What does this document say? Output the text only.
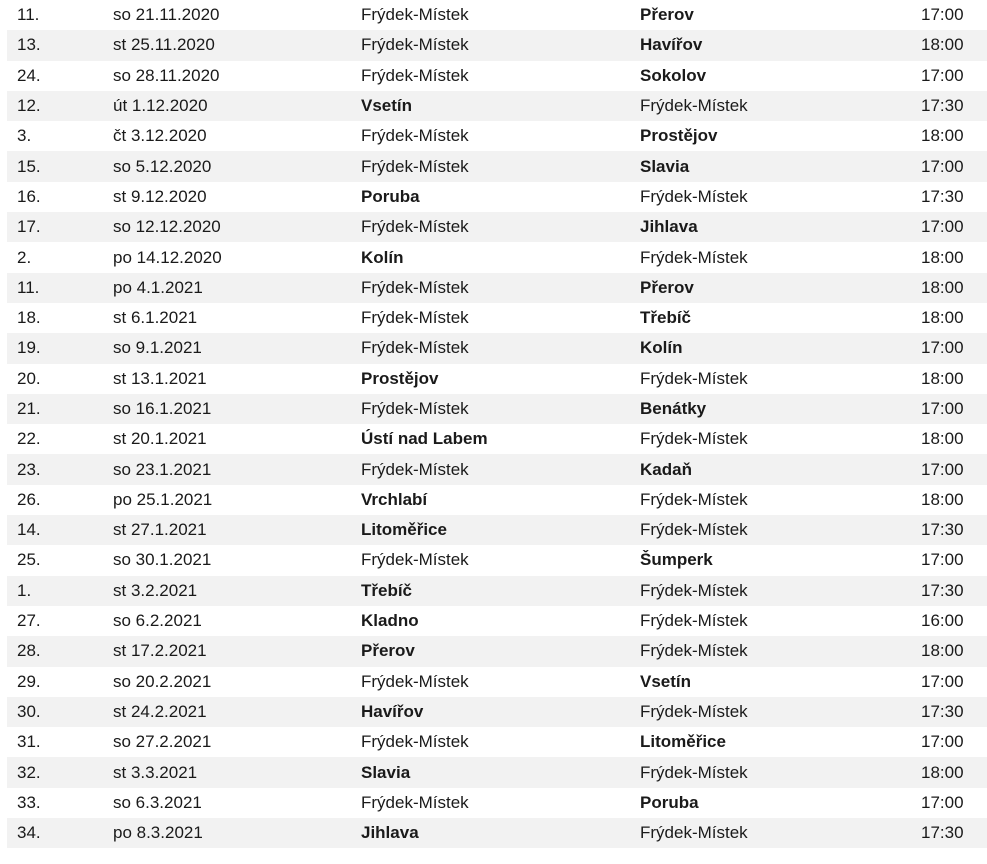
11.	so 21.11.2020	Frýdek-Místek	Přerov	17:00
13.	st 25.11.2020	Frýdek-Místek	Havířov	18:00
24.	so 28.11.2020	Frýdek-Místek	Sokolov	17:00
12.	út 1.12.2020	Vsetín	Frýdek-Místek	17:30
3.	čt 3.12.2020	Frýdek-Místek	Prostějov	18:00
15.	so 5.12.2020	Frýdek-Místek	Slavia	17:00
16.	st 9.12.2020	Poruba	Frýdek-Místek	17:30
17.	so 12.12.2020	Frýdek-Místek	Jihlava	17:00
2.	po 14.12.2020	Kolín	Frýdek-Místek	18:00
11.	po 4.1.2021	Frýdek-Místek	Přerov	18:00
18.	st 6.1.2021	Frýdek-Místek	Třebíč	18:00
19.	so 9.1.2021	Frýdek-Místek	Kolín	17:00
20.	st 13.1.2021	Prostějov	Frýdek-Místek	18:00
21.	so 16.1.2021	Frýdek-Místek	Benátky	17:00
22.	st 20.1.2021	Ústí nad Labem	Frýdek-Místek	18:00
23.	so 23.1.2021	Frýdek-Místek	Kadaň	17:00
26.	po 25.1.2021	Vrchlabí	Frýdek-Místek	18:00
14.	st 27.1.2021	Litoměřice	Frýdek-Místek	17:30
25.	so 30.1.2021	Frýdek-Místek	Šumperk	17:00
1.	st 3.2.2021	Třebíč	Frýdek-Místek	17:30
27.	so 6.2.2021	Kladno	Frýdek-Místek	16:00
28.	st 17.2.2021	Přerov	Frýdek-Místek	18:00
29.	so 20.2.2021	Frýdek-Místek	Vsetín	17:00
30.	st 24.2.2021	Havířov	Frýdek-Místek	17:30
31.	so 27.2.2021	Frýdek-Místek	Litoměřice	17:00
32.	st 3.3.2021	Slavia	Frýdek-Místek	18:00
33.	so 6.3.2021	Frýdek-Místek	Poruba	17:00
34.	po 8.3.2021	Jihlava	Frýdek-Místek	17:30
